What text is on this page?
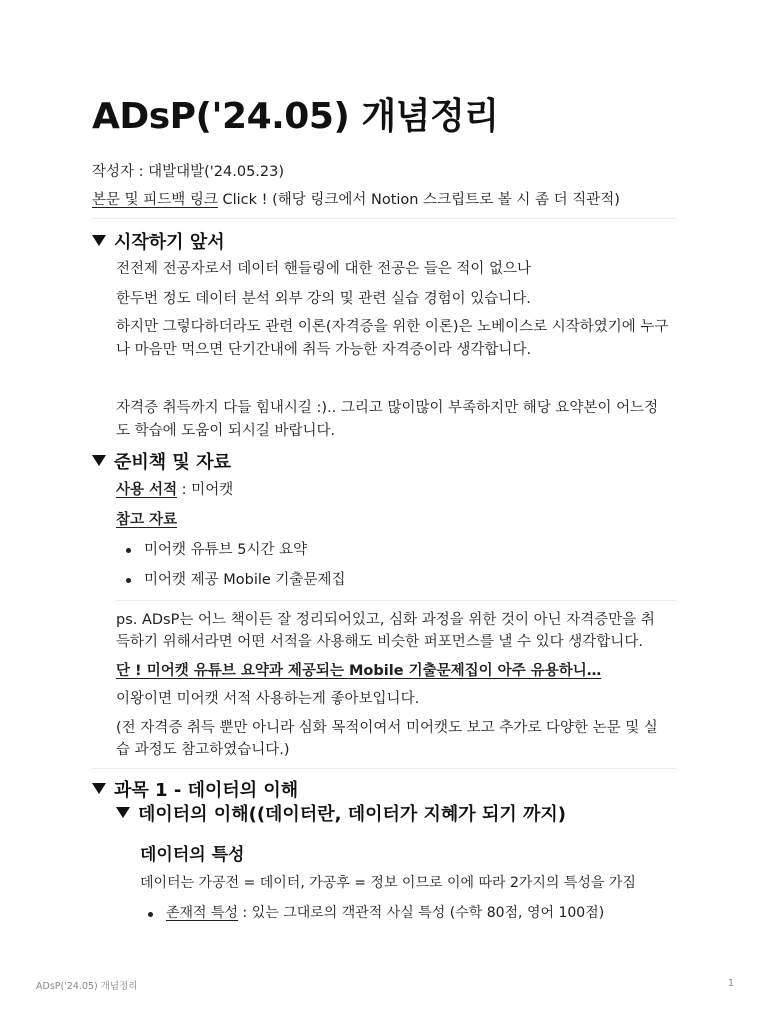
ADsP('24.05) 개념정리
작성자 : 대발대발('24.05.23)
본문 및 피드백 링크 Click ! (해당 링크에서 Notion 스크립트로 볼 시 좀 더 직관적)
시작하기 앞서
전전제 전공자로서 데이터 핸들링에 대한 전공은 들은 적이 없으나
한두번 정도 데이터 분석 외부 강의 및 관련 실습 경험이 있습니다.
하지만 그렇다하더라도 관련 이론(자격증을 위한 이론)은 노베이스로 시작하였기에 누구
나 마음만 먹으면 단기간내에 취득 가능한 자격증이라 생각합니다.
자격증 취득까지 다들 힘내시길 :).. 그리고 많이많이 부족하지만 해당 요약본이 어느정
도 학습에 도움이 되시길 바랍니다.
준비책 및 자료
사용 서적 : 미어캣
참고 자료
미어캣 유튜브 5시간 요약
미어캣 제공 Mobile 기출문제집
ps. ADsP는 어느 책이든 잘 정리되어있고, 심화 과정을 위한 것이 아닌 자격증만을 취
득하기 위해서라면 어떤 서적을 사용해도 비슷한 퍼포먼스를 낼 수 있다 생각합니다.
단 ! 미어캣 유튜브 요약과 제공되는 Mobile 기출문제집이 아주 유용하니…
이왕이면 미어캣 서적 사용하는게 좋아보입니다.
(전 자격증 취득 뿐만 아니라 심화 목적이여서 미어캣도 보고 추가로 다양한 논문 및 실
습 과정도 참고하였습니다.)
과목 1 - 데이터의 이해
데이터의 이해((데이터란, 데이터가 지혜가 되기 까지)
데이터의 특성
데이터는 가공전 = 데이터, 가공후 = 정보 이므로 이에 따라 2가지의 특성을 가짐
존재적 특성 : 있는 그대로의 객관적 사실 특성 (수학 80점, 영어 100점)
ADsP('24.05) 개념정리	1
